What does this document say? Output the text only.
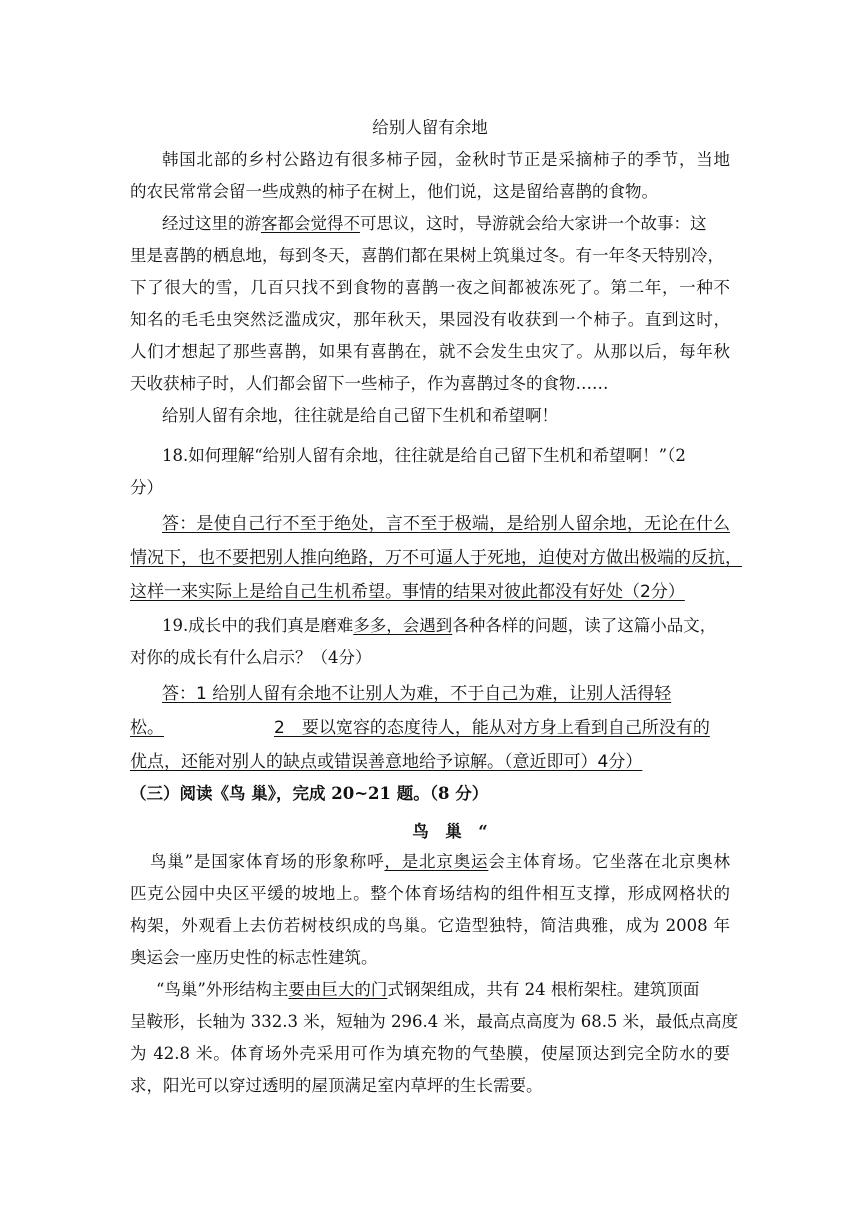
给别人留有余地
韩国北部的乡村公路边有很多柿子园，金秋时节正是采摘柿子的季节，当地
的农民常常会留一些成熟的柿子在树上，他们说，这是留给喜鹊的食物。
经过这里的游客都会觉得不可思议，这时，导游就会给大家讲一个故事：这
里是喜鹊的栖息地，每到冬天，喜鹊们都在果树上筑巢过冬。有一年冬天特别冷，
下了很大的雪，几百只找不到食物的喜鹊一夜之间都被冻死了。第二年，一种不
知名的毛毛虫突然泛滥成灾，那年秋天，果园没有收获到一个柿子。直到这时，
人们才想起了那些喜鹊，如果有喜鹊在，就不会发生虫灾了。从那以后，每年秋
天收获柿子时，人们都会留下一些柿子，作为喜鹊过冬的食物……
给别人留有余地，往往就是给自己留下生机和希望啊！
18.如何理解“给别人留有余地，往往就是给自己留下生机和希望啊！”（2
分）
答：是使自己行不至于绝处，言不至于极端，是给别人留余地，无论在什么
情况下，也不要把别人推向绝路，万不可逼人于死地，迫使对方做出极端的反抗，
这样一来实际上是给自己生机希望。事情的结果对彼此都没有好处（2分）
19.成长中的我们真是磨难多多，会遇到各种各样的问题，读了这篇小品文，
对你的成长有什么启示？（4分）
答：1 给别人留有余地不让别人为难，不于自己为难，让别人活得轻
松。	2　要以宽容的态度待人，能从对方身上看到自己所没有的
优点，还能对别人的缺点或错误善意地给予谅解。（意近即可）4分）
（三）阅读《鸟 巢》，完成 20~21 题。（8 分）
鸟　巢　“
鸟巢”是国家体育场的形象称呼，是北京奥运会主体育场。它坐落在北京奥林
匹克公园中央区平缓的坡地上。整个体育场结构的组件相互支撑，形成网格状的
构架，外观看上去仿若树枝织成的鸟巢。它造型独特，简洁典雅，成为 2008 年
奥运会一座历史性的标志性建筑。
“鸟巢”外形结构主要由巨大的门式钢架组成，共有 24 根桁架柱。建筑顶面
呈鞍形，长轴为 332.3 米，短轴为 296.4 米，最高点高度为 68.5 米，最低点高度
为 42.8 米。体育场外壳采用可作为填充物的气垫膜，使屋顶达到完全防水的要
求，阳光可以穿过透明的屋顶满足室内草坪的生长需要。
